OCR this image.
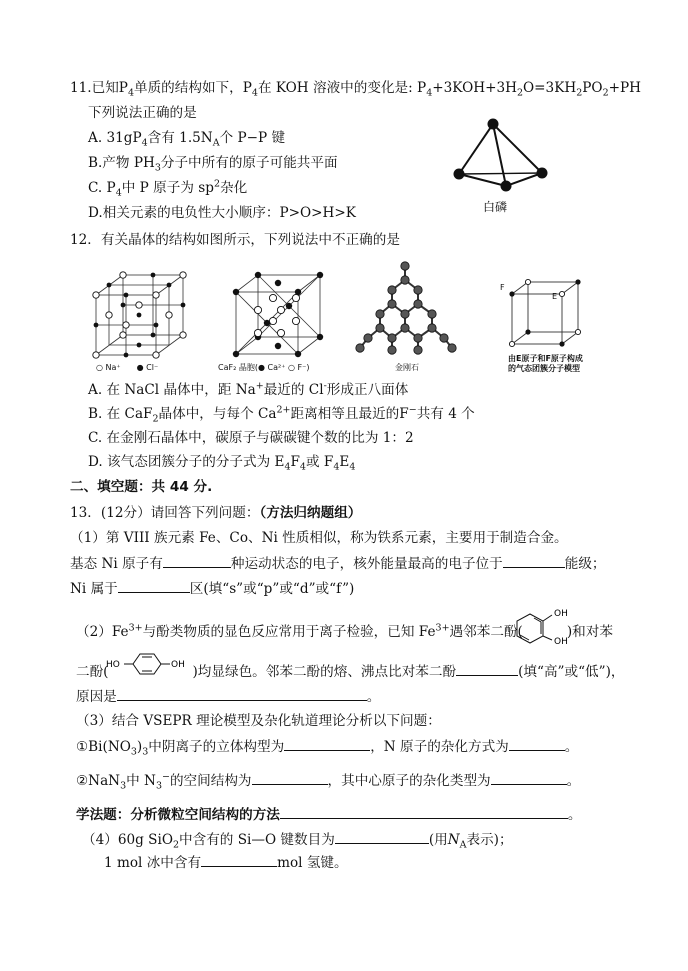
11.已知$P_4$单质的结构如下，$P_4$在 KOH 溶液中的变化是: $P_4+3KOH+3H_2O=3KH_2PO_2+PH$
下列说法正确的是
A. $31gP_4$含有 $1.5N_A$个 P−P 键
B.产物 $PH_3$分子中所有的原子可能共平面
C. $P_4$中 P 原子为 $sp^2$杂化
D.相关元素的电负性大小顺序：P>O>H>K	白磷
12．有关晶体的结构如图所示，下列说法中不正确的是
○ Na⁺　　● Cl⁻	CaF₂ 晶胞(● Ca²⁺ ○ F⁻)	金刚石
F
E
由E原子和F原子构成
的气态团簇分子模型
A. 在 NaCl 晶体中，距 Na+最近的 Cl-形成正八面体
B. 在 CaF$_2$晶体中，与每个 $Ca^{2+}$距离相等且最近的F−共有 4 个
C. 在金刚石晶体中，碳原子与碳碳键个数的比为 1：2
D. 该气态团簇分子的分子式为 $E_4F_4$或 $F_4E_4$
二、填空题：共 44 分.
13．(12分）请回答下列问题：（方法归纳题组）
（1）第 VIII 族元素 Fe、Co、Ni 性质相似，称为铁系元素，主要用于制造合金。
基态 Ni 原子有	种运动状态的电子，核外能量最高的电子位于	能级；
Ni 属于	区(填“s”或“p”或“d”或“f”)
$(2)Fe^{3+}$与酚类物质的显色反应常用于离子检验，已知 $Fe^{3+}$遇邻苯二酚(	)和对苯
OH
OH
二酚(	)均显绿色。邻苯二酚的熔、沸点比对苯二酚	(填“高”或“低”)，
HO	OH
原因是	。
（3）结合 VSEPR 理论模型及杂化轨道理论分析以下问题：
$①Bi(NO_3)_3$中阴离子的立体构型为	，N 原子的杂化方式为	。
②NaN$_3$中 $N_3^-$的空间结构为	，其中心原子的杂化类型为	。
学法题：分析微粒空间结构的方法	。
（4）60g SiO$_2$中含有的 Si—O 键数目为	(用$N_A$表示)；
1 mol 冰中含有	mol 氢键。
